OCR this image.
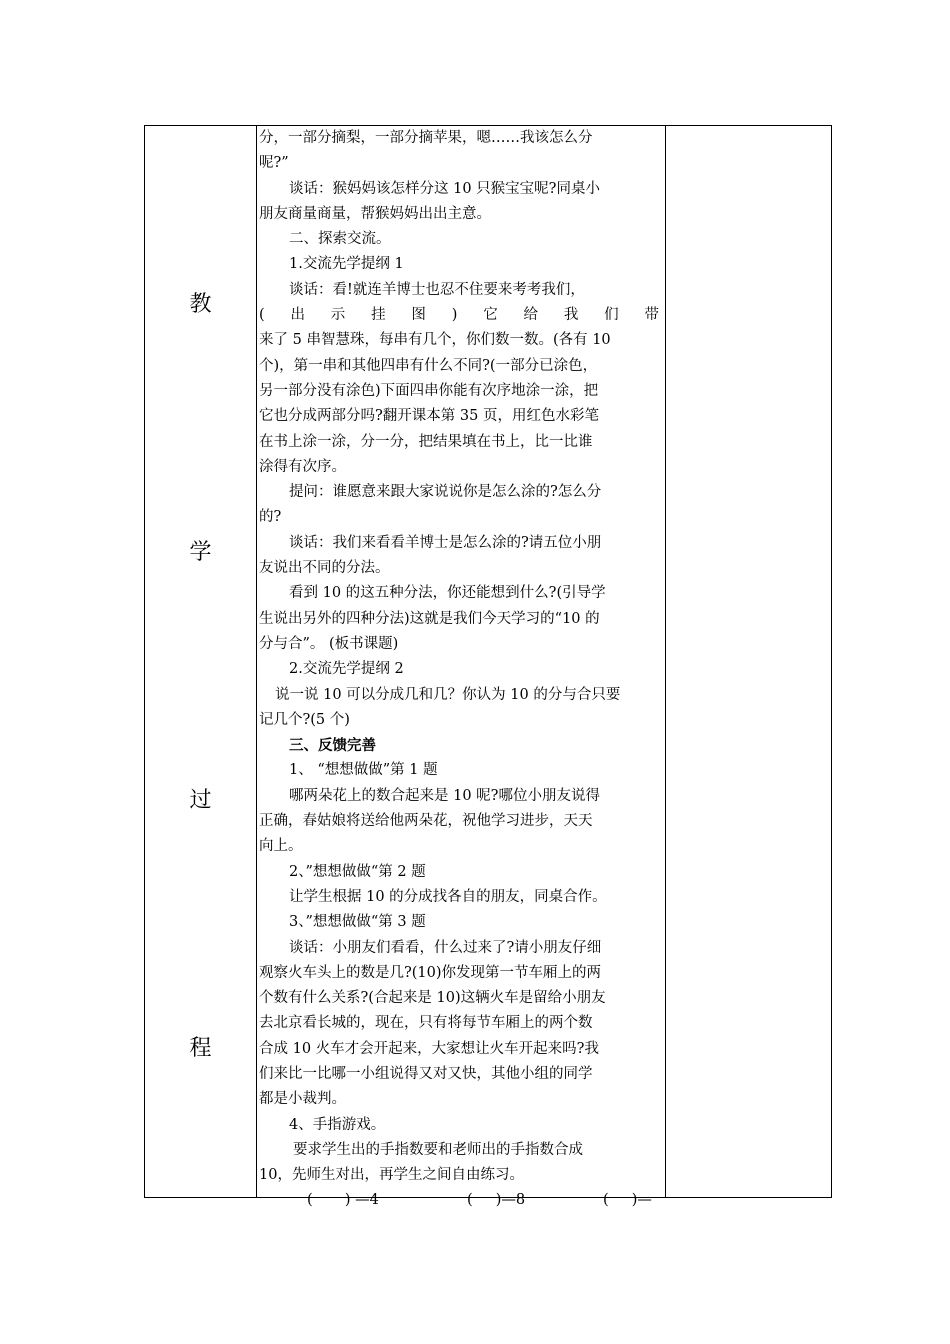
教
学
过
程
分，一部分摘梨，一部分摘苹果，嗯……我该怎么分
呢?”
谈话：猴妈妈该怎样分这 10 只猴宝宝呢?同桌小
朋友商量商量，帮猴妈妈出出主意。
二、探索交流。
1.交流先学提纲 1
谈话：看!就连羊博士也忍不住要来考考我们，
( 出 示 挂 图 ) 它 给 我 们 带
来了 5 串智慧珠，每串有几个，你们数一数。(各有 10
个)，第一串和其他四串有什么不同?(一部分已涂色，
另一部分没有涂色)下面四串你能有次序地涂一涂，把
它也分成两部分吗?翻开课本第 35 页，用红色水彩笔
在书上涂一涂，分一分，把结果填在书上，比一比谁
涂得有次序。
提问：谁愿意来跟大家说说你是怎么涂的?怎么分
的?
谈话：我们来看看羊博士是怎么涂的?请五位小朋
友说出不同的分法。
看到 10 的这五种分法，你还能想到什么?(引导学
生说出另外的四种分法)这就是我们今天学习的“10 的
分与合”。 (板书课题)
2.交流先学提纲 2
说一说 10 可以分成几和几？你认为 10 的分与合只要
记几个?(5 个)
三、反馈完善
1、 “想想做做”第 1 题
哪两朵花上的数合起来是 10 呢?哪位小朋友说得
正确，春姑娘将送给他两朵花，祝他学习进步，天天
向上。
2、”想想做做“第 2 题
让学生根据 10 的分成找各自的朋友，同桌合作。
3、”想想做做“第 3 题
谈话：小朋友们看看，什么过来了?请小朋友仔细
观察火车头上的数是几?(10)你发现第一节车厢上的两
个数有什么关系?(合起来是 10)这辆火车是留给小朋友
去北京看长城的，现在，只有将每节车厢上的两个数
合成 10 火车才会开起来，大家想让火车开起来吗?我
们来比一比哪一小组说得又对又快，其他小组的同学
都是小裁判。
4、手指游戏。
要求学生出的手指数要和老师出的手指数合成
10，先师生对出，再学生之间自由练习。
(       ) —4	(     )—8	(     )—
